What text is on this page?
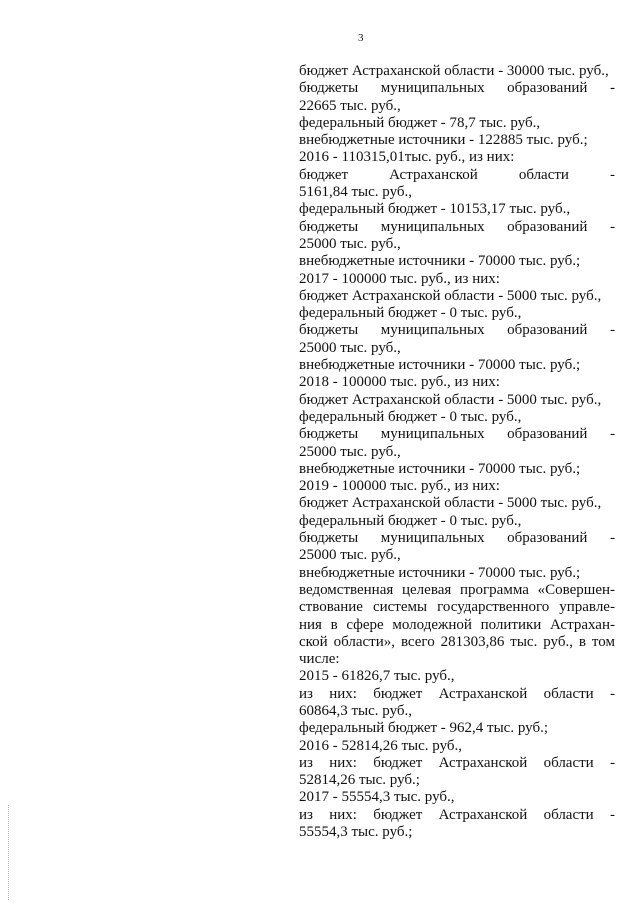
3
бюджет Астраханской области - 30000 тыс. руб.,
бюджеты муниципальных образований -
22665 тыс. руб.,
федеральный бюджет - 78,7 тыс. руб.,
внебюджетные источники - 122885 тыс. руб.;
2016 - 110315,01тыс. руб., из них:
бюджет	Астраханской	области	-
5161,84 тыс. руб.,
федеральный бюджет - 10153,17 тыс. руб.,
бюджеты муниципальных образований -
25000 тыс. руб.,
внебюджетные источники - 70000 тыс. руб.;
2017 - 100000 тыс. руб., из них:
бюджет Астраханской области - 5000 тыс. руб.,
федеральный бюджет - 0 тыс. руб.,
бюджеты муниципальных образований -
25000 тыс. руб.,
внебюджетные источники - 70000 тыс. руб.;
2018 - 100000 тыс. руб., из них:
бюджет Астраханской области - 5000 тыс. руб.,
федеральный бюджет - 0 тыс. руб.,
бюджеты муниципальных образований -
25000 тыс. руб.,
внебюджетные источники - 70000 тыс. руб.;
2019 - 100000 тыс. руб., из них:
бюджет Астраханской области - 5000 тыс. руб.,
федеральный бюджет - 0 тыс. руб.,
бюджеты муниципальных образований -
25000 тыс. руб.,
внебюджетные источники - 70000 тыс. руб.;
ведомственная целевая программа «Совершен-
ствование системы государственного управле-
ния в сфере молодежной политики Астрахан-
ской области», всего 281303,86 тыс. руб., в том
числе:
2015 - 61826,7 тыс. руб.,
из них: бюджет Астраханской области -
60864,3 тыс. руб.,
федеральный бюджет - 962,4 тыс. руб.;
2016 - 52814,26 тыс. руб.,
из них: бюджет Астраханской области -
52814,26 тыс. руб.;
2017 - 55554,3 тыс. руб.,
из них: бюджет Астраханской области -
55554,3 тыс. руб.;
